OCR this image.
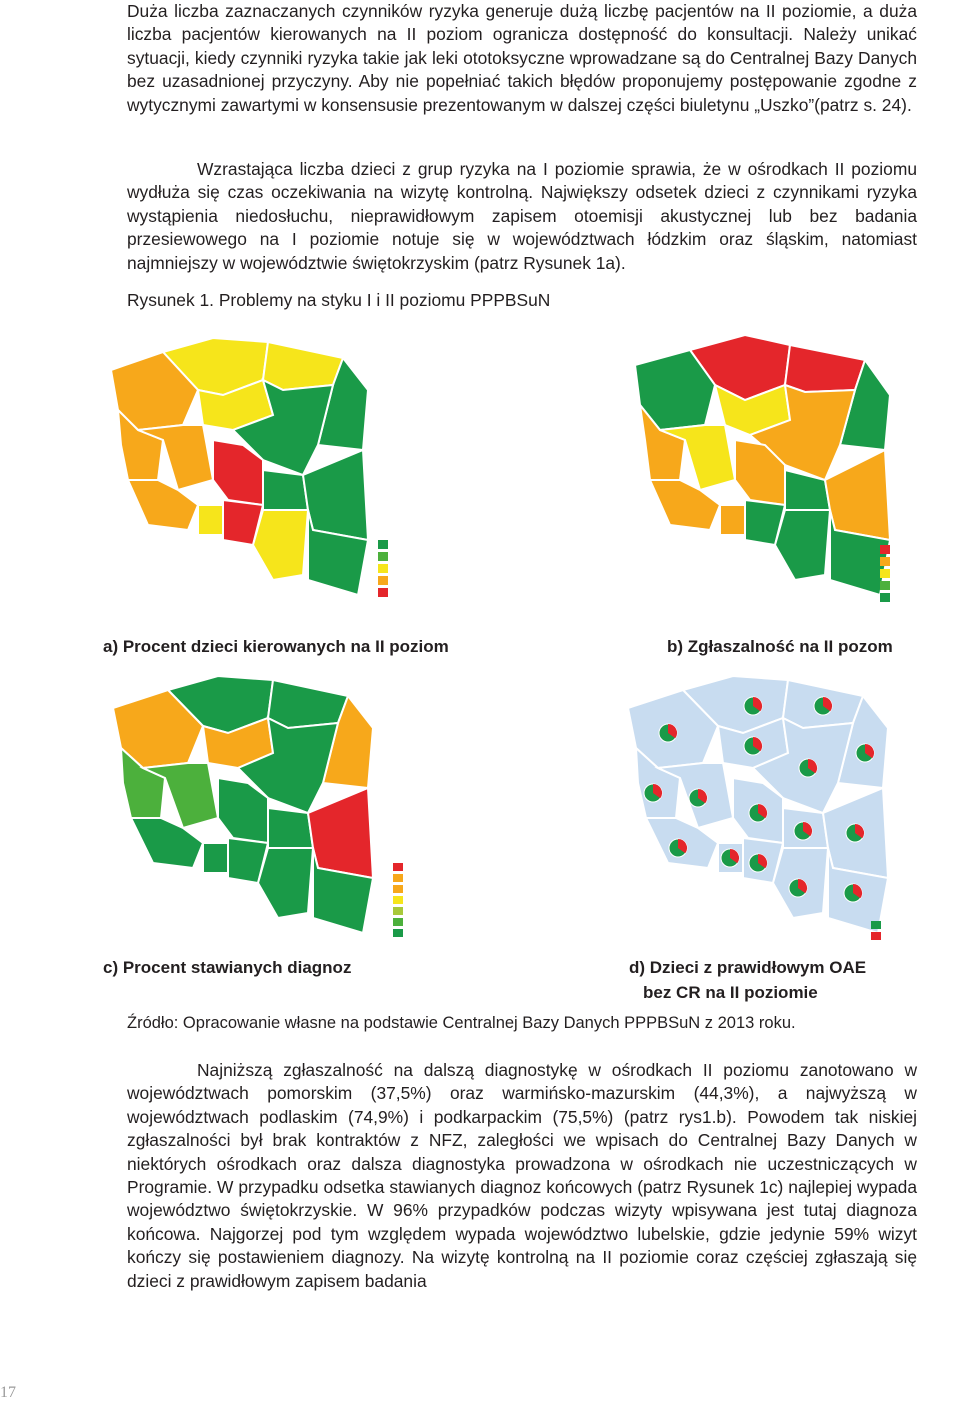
Duża liczba zaznaczanych czynników ryzyka generuje dużą liczbę pacjentów na II poziomie, a duża liczba pacjentów kierowanych na II poziom ogranicza dostępność do konsultacji. Należy unikać sytuacji, kiedy czynniki ryzyka takie jak leki ototoksyczne wprowadzane są do Centralnej Bazy Danych bez uzasadnionej przyczyny. Aby nie popełniać takich błędów proponujemy postępowanie zgodne z wytycznymi zawartymi w konsensusie prezentowanym w dalszej części biuletynu „Uszko”(patrz s. 24).

Wzrastająca liczba dzieci z grup ryzyka na I poziomie sprawia, że w ośrodkach II poziomu wydłuża się czas oczekiwania na wizytę kontrolną. Największy odsetek dzieci z czynnikami ryzyka wystąpienia niedosłuchu, nieprawidłowym zapisem otoemisji akustycznej lub bez badania przesiewowego na I poziomie notuje się w województwach łódzkim oraz śląskim, natomiast najmniejszy w województwie świętokrzyskim (patrz Rysunek 1a).

Rysunek 1. Problemy na styku I i II poziomu PPPBSuN

a) Procent dzieci kierowanych na II poziom	b) Zgłaszalność na II pozom

c) Procent stawianych diagnoz	d) Dzieci z prawidłowym OAE

bez CR na II poziomie

Źródło: Opracowanie własne na podstawie Centralnej Bazy Danych PPPBSuN z 2013 roku.

Najniższą zgłaszalność na dalszą diagnostykę w ośrodkach II poziomu zanotowano w województwach pomorskim (37,5%) oraz warmińsko-mazurskim (44,3%), a najwyższą w województwach podlaskim (74,9%) i podkarpackim (75,5%) (patrz rys1.b). Powodem tak niskiej zgłaszalności był brak kontraktów z NFZ, zaległości we wpisach do Centralnej Bazy Danych w niektórych ośrodkach oraz dalsza diagnostyka prowadzona w ośrodkach nie uczestniczących w Programie. W przypadku odsetka stawianych diagnoz końcowych (patrz Rysunek 1c) najlepiej wypada województwo świętokrzyskie. W 96% przypadków podczas wizyty wpisywana jest tutaj diagnoza końcowa. Najgorzej pod tym względem wypada województwo lubelskie, gdzie jedynie 59% wizyt kończy się postawieniem diagnozy. Na wizytę kontrolną na II poziomie coraz częściej zgłaszają się dzieci z prawidłowym zapisem badania

17
